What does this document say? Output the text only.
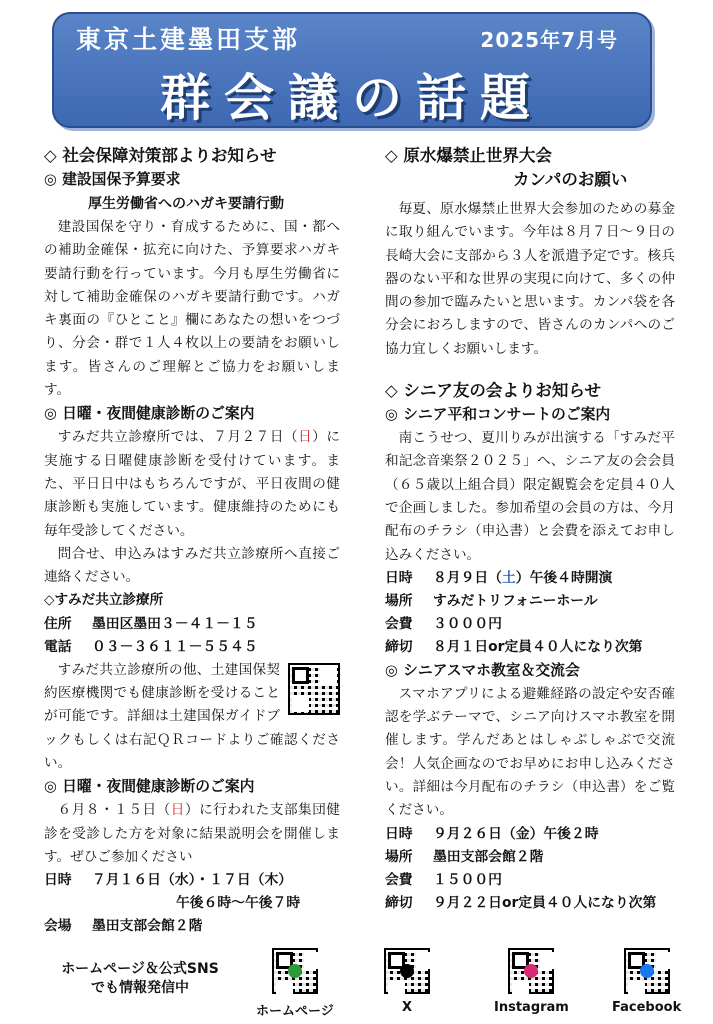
東京土建墨田支部	2025年7月号
群会議の話題
◇ 社会保障対策部よりお知らせ
◎ 建設国保予算要求
厚生労働省へのハガキ要請行動
建設国保を守り・育成するために、国・都への補助金確保・拡充に向けた、予算要求ハガキ要請行動を行っています。今月も厚生労働省に対して補助金確保のハガキ要請行動です。ハガキ裏面の『ひとこと』欄にあなたの想いをつづり、分会・群で１人４枚以上の要請をお願いします。皆さんのご理解とご協力をお願いします。
◎ 日曜・夜間健康診断のご案内
すみだ共立診療所では、７月２７日（日）に実施する日曜健康診断を受付けています。また、平日日中はもちろんですが、平日夜間の健康診断も実施しています。健康維持のためにも毎年受診してください。
問合せ、申込みはすみだ共立診療所へ直接ご連絡ください。
◇すみだ共立診療所
住所	墨田区墨田３－４１－１５
電話	０３－３６１１－５５４５
すみだ共立診療所の他、土建国保契約医療機関でも健康診断を受けることが可能です。詳細は土建国保ガイドブックもしくは右記ＱＲコードよりご確認ください。
◎ 日曜・夜間健康診断のご案内
６月８・１５日（日）に行われた支部集団健診を受診した方を対象に結果説明会を開催します。ぜひご参加ください
日時	７月１６日（水）・１７日（木）
午後６時～午後７時
会場	墨田支部会館２階
◇ 原水爆禁止世界大会
カンパのお願い
毎夏、原水爆禁止世界大会参加のための募金に取り組んでいます。今年は８月７日～９日の長崎大会に支部から３人を派遣予定です。核兵器のない平和な世界の実現に向けて、多くの仲間の参加で臨みたいと思います。カンパ袋を各分会におろしますので、皆さんのカンパへのご協力宜しくお願いします。
◇ シニア友の会よりお知らせ
◎ シニア平和コンサートのご案内
南こうせつ、夏川りみが出演する「すみだ平和記念音楽祭２０２５」へ、シニア友の会会員（６５歳以上組合員）限定観覧会を定員４０人で企画しました。参加希望の会員の方は、今月配布のチラシ（申込書）と会費を添えてお申し込みください。
日時	８月９日（土）午後４時開演
場所	すみだトリフォニーホール
会費	３０００円
締切	８月１日or定員４０人になり次第
◎ シニアスマホ教室＆交流会
スマホアプリによる避難経路の設定や安否確認を学ぶテーマで、シニア向けスマホ教室を開催します。学んだあとはしゃぶしゃぶで交流会！人気企画なのでお早めにお申し込みください。詳細は今月配布のチラシ（申込書）をご覧ください。
日時	９月２６日（金）午後２時
場所	墨田支部会館２階
会費	１５００円
締切	９月２２日or定員４０人になり次第
ホームページ＆公式SNS
でも情報発信中
ホームページ	X	Instagram	Facebook
